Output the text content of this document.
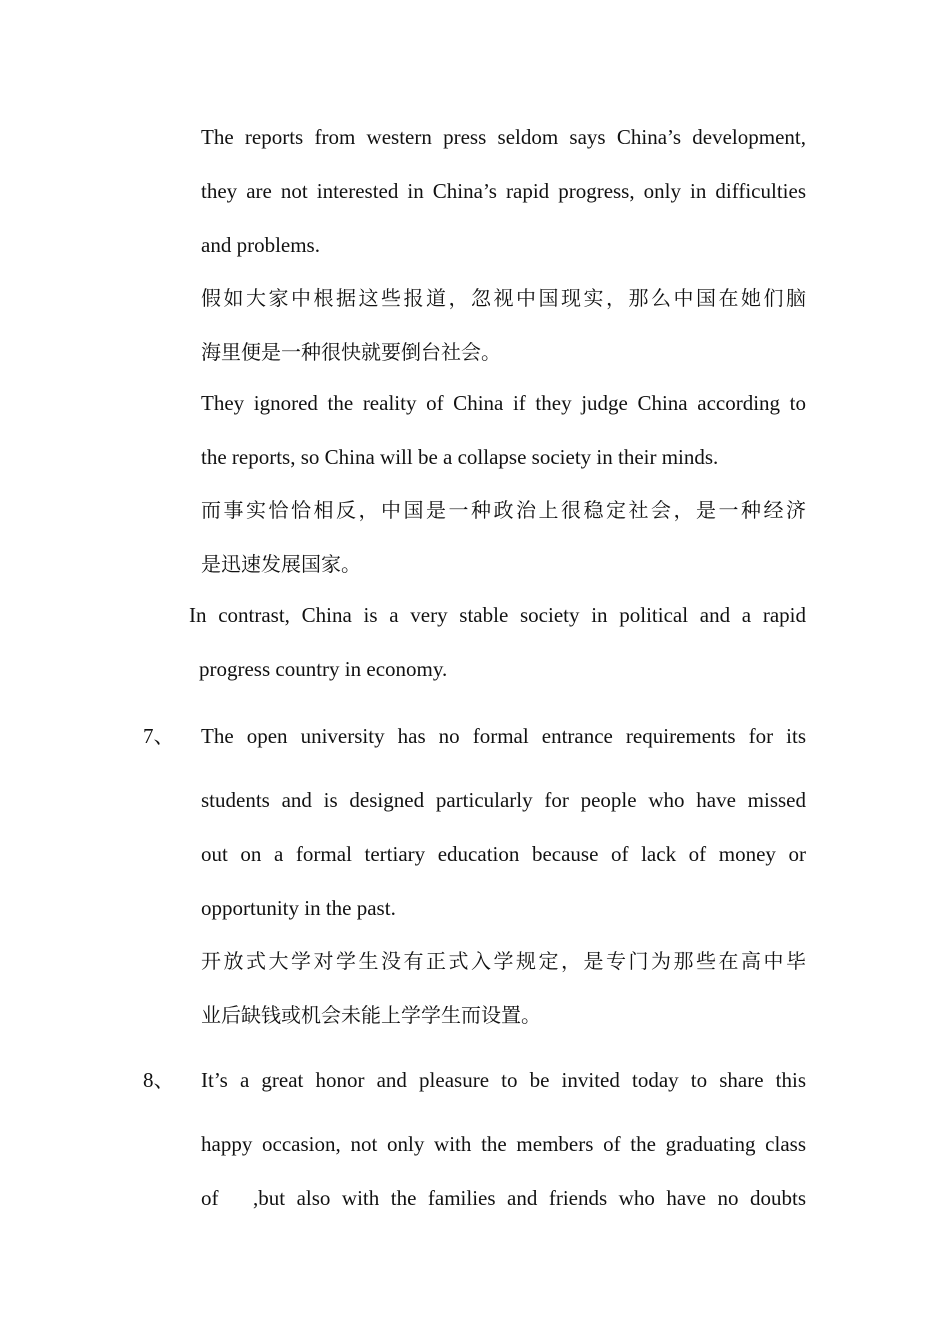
The reports from western press seldom says China’s development,
they are not interested in China’s rapid progress, only in difficulties
and problems.
假如大家中根据这些报道，忽视中国现实，那么中国在她们脑
海里便是一种很快就要倒台社会。
They ignored the reality of China if they judge China according to
the reports, so China will be a collapse society in their minds.
而事实恰恰相反，中国是一种政治上很稳定社会，是一种经济
是迅速发展国家。
In contrast, China is a very stable society in political and a rapid
progress country in economy.
7、 The open university has no formal entrance requirements for its
students and is designed particularly for people who have missed
out on a formal tertiary education because of lack of money or
opportunity in the past.
开放式大学对学生没有正式入学规定，是专门为那些在高中毕
业后缺钱或机会未能上学学生而设置。
8、 It’s a great honor and pleasure to be invited today to share this
happy occasion, not only with the members of the graduating class
of   ,but also with the families and friends who have no doubts
